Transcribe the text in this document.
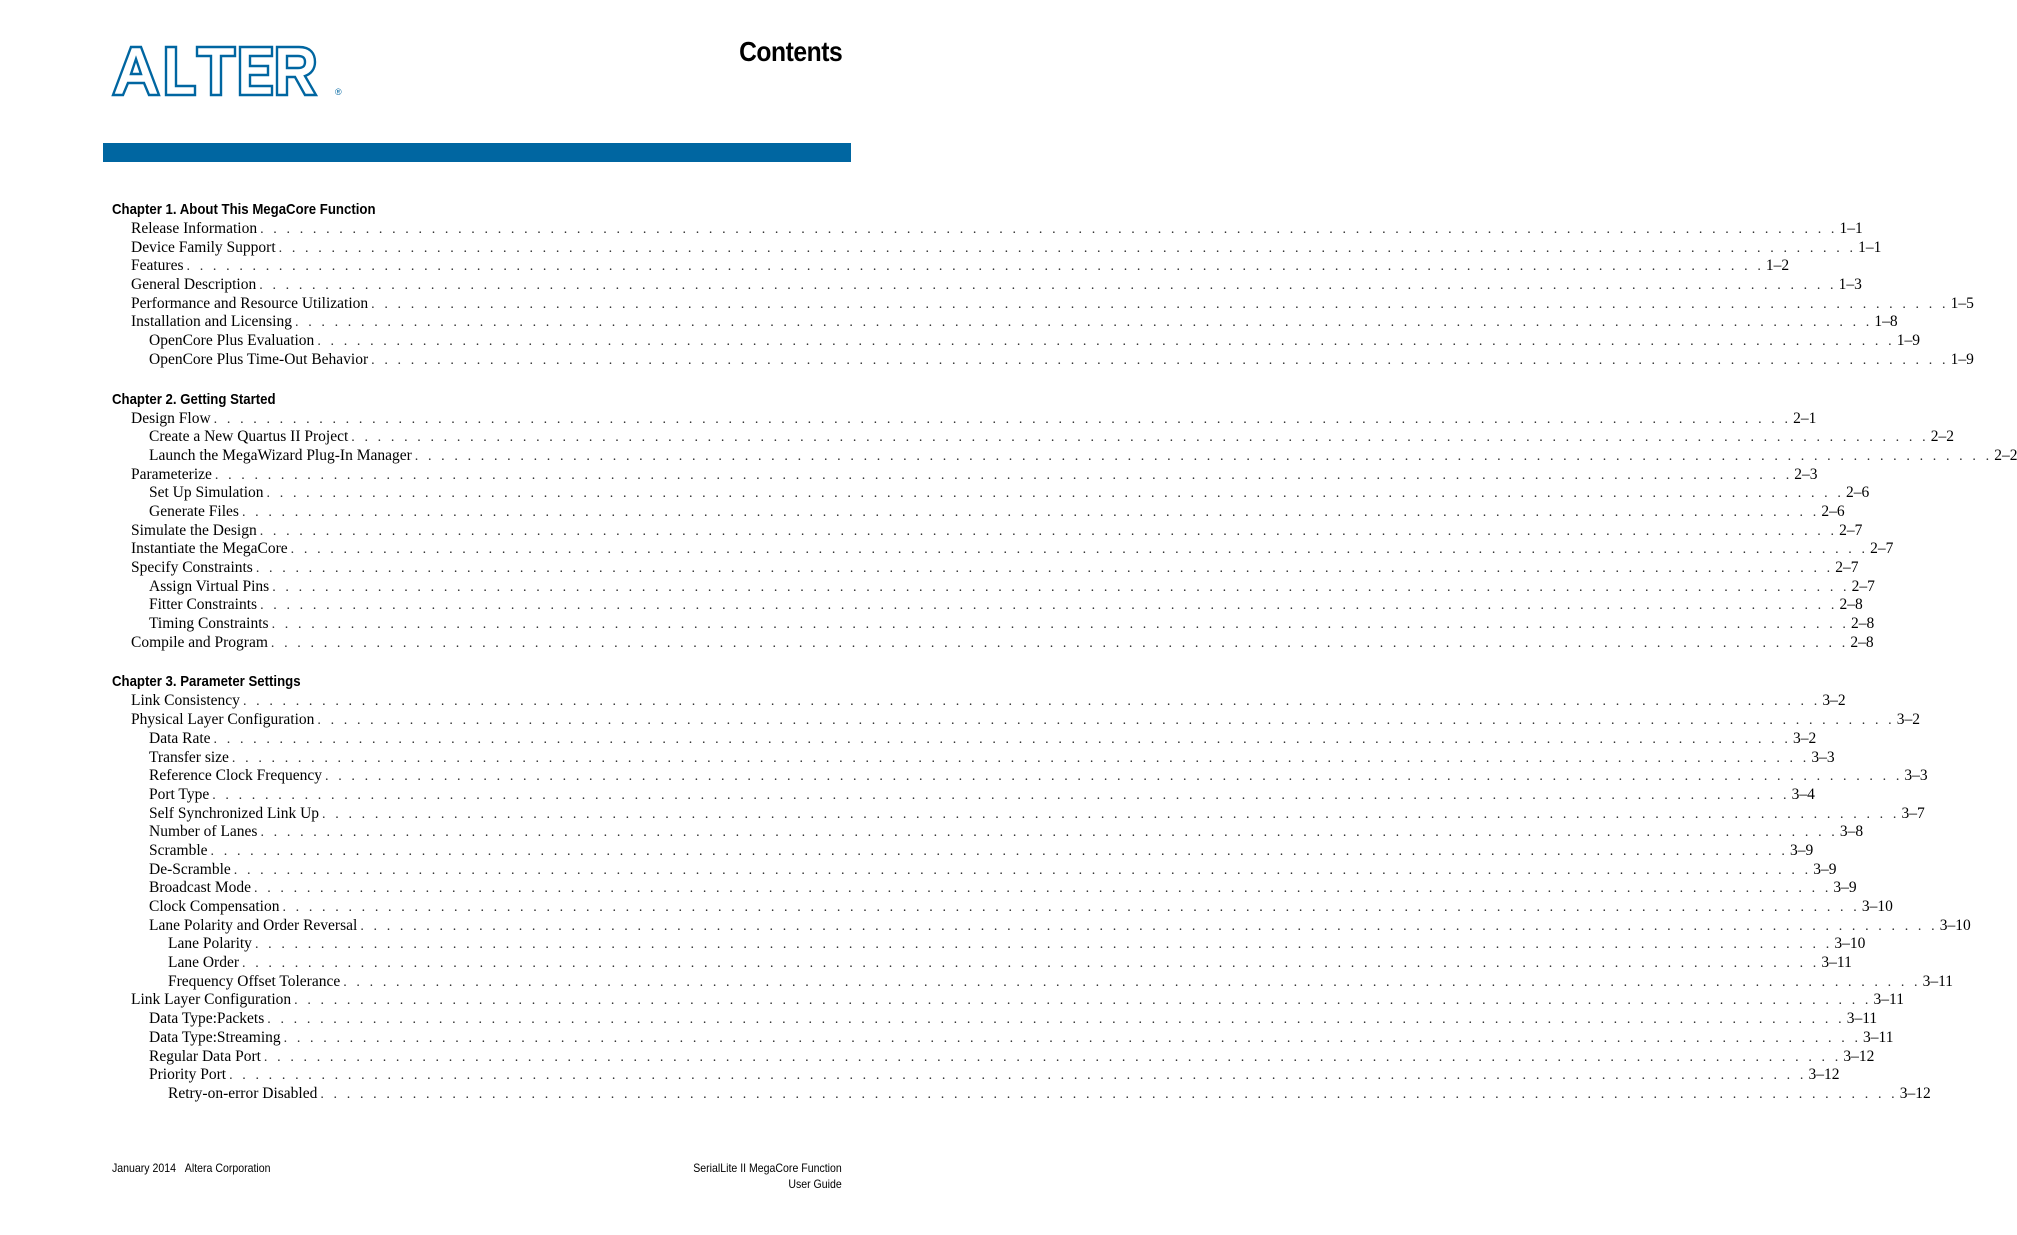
®
Contents
Chapter 1. About This MegaCore Function
Release Information . . . . . . . . . . . . . . . . . . . . . . . . . . . . . . . . . . . . . . . . . . . . . . . . . . . . . . . . . . . . . . . . . . . . . . . . . . . . . . . . . . . . . . . . . . . . . . . . . . . . . . . . . . . . . . . . . . . . . . . . 1–1
Device Family Support . . . . . . . . . . . . . . . . . . . . . . . . . . . . . . . . . . . . . . . . . . . . . . . . . . . . . . . . . . . . . . . . . . . . . . . . . . . . . . . . . . . . . . . . . . . . . . . . . . . . . . . . . . . . . . . . . . . . . . . . 1–1
Features . . . . . . . . . . . . . . . . . . . . . . . . . . . . . . . . . . . . . . . . . . . . . . . . . . . . . . . . . . . . . . . . . . . . . . . . . . . . . . . . . . . . . . . . . . . . . . . . . . . . . . . . . . . . . . . . . . . . . . . . 1–2
General Description . . . . . . . . . . . . . . . . . . . . . . . . . . . . . . . . . . . . . . . . . . . . . . . . . . . . . . . . . . . . . . . . . . . . . . . . . . . . . . . . . . . . . . . . . . . . . . . . . . . . . . . . . . . . . . . . . . . . . . . . 1–3
Performance and Resource Utilization . . . . . . . . . . . . . . . . . . . . . . . . . . . . . . . . . . . . . . . . . . . . . . . . . . . . . . . . . . . . . . . . . . . . . . . . . . . . . . . . . . . . . . . . . . . . . . . . . . . . . . . . . . . . . . . . . . . . . . . . 1–5
Installation and Licensing . . . . . . . . . . . . . . . . . . . . . . . . . . . . . . . . . . . . . . . . . . . . . . . . . . . . . . . . . . . . . . . . . . . . . . . . . . . . . . . . . . . . . . . . . . . . . . . . . . . . . . . . . . . . . . . . . . . . . . . . 1–8
OpenCore Plus Evaluation . . . . . . . . . . . . . . . . . . . . . . . . . . . . . . . . . . . . . . . . . . . . . . . . . . . . . . . . . . . . . . . . . . . . . . . . . . . . . . . . . . . . . . . . . . . . . . . . . . . . . . . . . . . . . . . . . . . . . . . . 1–9
OpenCore Plus Time-Out Behavior . . . . . . . . . . . . . . . . . . . . . . . . . . . . . . . . . . . . . . . . . . . . . . . . . . . . . . . . . . . . . . . . . . . . . . . . . . . . . . . . . . . . . . . . . . . . . . . . . . . . . . . . . . . . . . . . . . . . . . . . 1–9
Chapter 2. Getting Started
Design Flow . . . . . . . . . . . . . . . . . . . . . . . . . . . . . . . . . . . . . . . . . . . . . . . . . . . . . . . . . . . . . . . . . . . . . . . . . . . . . . . . . . . . . . . . . . . . . . . . . . . . . . . . . . . . . . . . . . . . . . . . 2–1
Create a New Quartus II Project . . . . . . . . . . . . . . . . . . . . . . . . . . . . . . . . . . . . . . . . . . . . . . . . . . . . . . . . . . . . . . . . . . . . . . . . . . . . . . . . . . . . . . . . . . . . . . . . . . . . . . . . . . . . . . . . . . . . . . . . 2–2
Launch the MegaWizard Plug-In Manager . . . . . . . . . . . . . . . . . . . . . . . . . . . . . . . . . . . . . . . . . . . . . . . . . . . . . . . . . . . . . . . . . . . . . . . . . . . . . . . . . . . . . . . . . . . . . . . . . . . . . . . . . . . . . . . . . . . . . . . . 2–2
Parameterize . . . . . . . . . . . . . . . . . . . . . . . . . . . . . . . . . . . . . . . . . . . . . . . . . . . . . . . . . . . . . . . . . . . . . . . . . . . . . . . . . . . . . . . . . . . . . . . . . . . . . . . . . . . . . . . . . . . . . . . . 2–3
Set Up Simulation . . . . . . . . . . . . . . . . . . . . . . . . . . . . . . . . . . . . . . . . . . . . . . . . . . . . . . . . . . . . . . . . . . . . . . . . . . . . . . . . . . . . . . . . . . . . . . . . . . . . . . . . . . . . . . . . . . . . . . . . 2–6
Generate Files . . . . . . . . . . . . . . . . . . . . . . . . . . . . . . . . . . . . . . . . . . . . . . . . . . . . . . . . . . . . . . . . . . . . . . . . . . . . . . . . . . . . . . . . . . . . . . . . . . . . . . . . . . . . . . . . . . . . . . . . 2–6
Simulate the Design . . . . . . . . . . . . . . . . . . . . . . . . . . . . . . . . . . . . . . . . . . . . . . . . . . . . . . . . . . . . . . . . . . . . . . . . . . . . . . . . . . . . . . . . . . . . . . . . . . . . . . . . . . . . . . . . . . . . . . . . 2–7
Instantiate the MegaCore . . . . . . . . . . . . . . . . . . . . . . . . . . . . . . . . . . . . . . . . . . . . . . . . . . . . . . . . . . . . . . . . . . . . . . . . . . . . . . . . . . . . . . . . . . . . . . . . . . . . . . . . . . . . . . . . . . . . . . . . 2–7
Specify Constraints . . . . . . . . . . . . . . . . . . . . . . . . . . . . . . . . . . . . . . . . . . . . . . . . . . . . . . . . . . . . . . . . . . . . . . . . . . . . . . . . . . . . . . . . . . . . . . . . . . . . . . . . . . . . . . . . . . . . . . . . 2–7
Assign Virtual Pins . . . . . . . . . . . . . . . . . . . . . . . . . . . . . . . . . . . . . . . . . . . . . . . . . . . . . . . . . . . . . . . . . . . . . . . . . . . . . . . . . . . . . . . . . . . . . . . . . . . . . . . . . . . . . . . . . . . . . . . . 2–7
Fitter Constraints . . . . . . . . . . . . . . . . . . . . . . . . . . . . . . . . . . . . . . . . . . . . . . . . . . . . . . . . . . . . . . . . . . . . . . . . . . . . . . . . . . . . . . . . . . . . . . . . . . . . . . . . . . . . . . . . . . . . . . . . 2–8
Timing Constraints . . . . . . . . . . . . . . . . . . . . . . . . . . . . . . . . . . . . . . . . . . . . . . . . . . . . . . . . . . . . . . . . . . . . . . . . . . . . . . . . . . . . . . . . . . . . . . . . . . . . . . . . . . . . . . . . . . . . . . . . 2–8
Compile and Program . . . . . . . . . . . . . . . . . . . . . . . . . . . . . . . . . . . . . . . . . . . . . . . . . . . . . . . . . . . . . . . . . . . . . . . . . . . . . . . . . . . . . . . . . . . . . . . . . . . . . . . . . . . . . . . . . . . . . . . . 2–8
Chapter 3. Parameter Settings
Link Consistency . . . . . . . . . . . . . . . . . . . . . . . . . . . . . . . . . . . . . . . . . . . . . . . . . . . . . . . . . . . . . . . . . . . . . . . . . . . . . . . . . . . . . . . . . . . . . . . . . . . . . . . . . . . . . . . . . . . . . . . . 3–2
Physical Layer Configuration . . . . . . . . . . . . . . . . . . . . . . . . . . . . . . . . . . . . . . . . . . . . . . . . . . . . . . . . . . . . . . . . . . . . . . . . . . . . . . . . . . . . . . . . . . . . . . . . . . . . . . . . . . . . . . . . . . . . . . . . 3–2
Data Rate . . . . . . . . . . . . . . . . . . . . . . . . . . . . . . . . . . . . . . . . . . . . . . . . . . . . . . . . . . . . . . . . . . . . . . . . . . . . . . . . . . . . . . . . . . . . . . . . . . . . . . . . . . . . . . . . . . . . . . . . 3–2
Transfer size . . . . . . . . . . . . . . . . . . . . . . . . . . . . . . . . . . . . . . . . . . . . . . . . . . . . . . . . . . . . . . . . . . . . . . . . . . . . . . . . . . . . . . . . . . . . . . . . . . . . . . . . . . . . . . . . . . . . . . . . 3–3
Reference Clock Frequency . . . . . . . . . . . . . . . . . . . . . . . . . . . . . . . . . . . . . . . . . . . . . . . . . . . . . . . . . . . . . . . . . . . . . . . . . . . . . . . . . . . . . . . . . . . . . . . . . . . . . . . . . . . . . . . . . . . . . . . . 3–3
Port Type . . . . . . . . . . . . . . . . . . . . . . . . . . . . . . . . . . . . . . . . . . . . . . . . . . . . . . . . . . . . . . . . . . . . . . . . . . . . . . . . . . . . . . . . . . . . . . . . . . . . . . . . . . . . . . . . . . . . . . . . 3–4
Self Synchronized Link Up . . . . . . . . . . . . . . . . . . . . . . . . . . . . . . . . . . . . . . . . . . . . . . . . . . . . . . . . . . . . . . . . . . . . . . . . . . . . . . . . . . . . . . . . . . . . . . . . . . . . . . . . . . . . . . . . . . . . . . . . 3–7
Number of Lanes . . . . . . . . . . . . . . . . . . . . . . . . . . . . . . . . . . . . . . . . . . . . . . . . . . . . . . . . . . . . . . . . . . . . . . . . . . . . . . . . . . . . . . . . . . . . . . . . . . . . . . . . . . . . . . . . . . . . . . . . 3–8
Scramble . . . . . . . . . . . . . . . . . . . . . . . . . . . . . . . . . . . . . . . . . . . . . . . . . . . . . . . . . . . . . . . . . . . . . . . . . . . . . . . . . . . . . . . . . . . . . . . . . . . . . . . . . . . . . . . . . . . . . . . . 3–9
De-Scramble . . . . . . . . . . . . . . . . . . . . . . . . . . . . . . . . . . . . . . . . . . . . . . . . . . . . . . . . . . . . . . . . . . . . . . . . . . . . . . . . . . . . . . . . . . . . . . . . . . . . . . . . . . . . . . . . . . . . . . . . 3–9
Broadcast Mode . . . . . . . . . . . . . . . . . . . . . . . . . . . . . . . . . . . . . . . . . . . . . . . . . . . . . . . . . . . . . . . . . . . . . . . . . . . . . . . . . . . . . . . . . . . . . . . . . . . . . . . . . . . . . . . . . . . . . . . . 3–9
Clock Compensation . . . . . . . . . . . . . . . . . . . . . . . . . . . . . . . . . . . . . . . . . . . . . . . . . . . . . . . . . . . . . . . . . . . . . . . . . . . . . . . . . . . . . . . . . . . . . . . . . . . . . . . . . . . . . . . . . . . . . . . . 3–10
Lane Polarity and Order Reversal . . . . . . . . . . . . . . . . . . . . . . . . . . . . . . . . . . . . . . . . . . . . . . . . . . . . . . . . . . . . . . . . . . . . . . . . . . . . . . . . . . . . . . . . . . . . . . . . . . . . . . . . . . . . . . . . . . . . . . . . 3–10
Lane Polarity . . . . . . . . . . . . . . . . . . . . . . . . . . . . . . . . . . . . . . . . . . . . . . . . . . . . . . . . . . . . . . . . . . . . . . . . . . . . . . . . . . . . . . . . . . . . . . . . . . . . . . . . . . . . . . . . . . . . . . . . 3–10
Lane Order . . . . . . . . . . . . . . . . . . . . . . . . . . . . . . . . . . . . . . . . . . . . . . . . . . . . . . . . . . . . . . . . . . . . . . . . . . . . . . . . . . . . . . . . . . . . . . . . . . . . . . . . . . . . . . . . . . . . . . . . 3–11
Frequency Offset Tolerance . . . . . . . . . . . . . . . . . . . . . . . . . . . . . . . . . . . . . . . . . . . . . . . . . . . . . . . . . . . . . . . . . . . . . . . . . . . . . . . . . . . . . . . . . . . . . . . . . . . . . . . . . . . . . . . . . . . . . . . . 3–11
Link Layer Configuration . . . . . . . . . . . . . . . . . . . . . . . . . . . . . . . . . . . . . . . . . . . . . . . . . . . . . . . . . . . . . . . . . . . . . . . . . . . . . . . . . . . . . . . . . . . . . . . . . . . . . . . . . . . . . . . . . . . . . . . . 3–11
Data Type:Packets . . . . . . . . . . . . . . . . . . . . . . . . . . . . . . . . . . . . . . . . . . . . . . . . . . . . . . . . . . . . . . . . . . . . . . . . . . . . . . . . . . . . . . . . . . . . . . . . . . . . . . . . . . . . . . . . . . . . . . . . 3–11
Data Type:Streaming . . . . . . . . . . . . . . . . . . . . . . . . . . . . . . . . . . . . . . . . . . . . . . . . . . . . . . . . . . . . . . . . . . . . . . . . . . . . . . . . . . . . . . . . . . . . . . . . . . . . . . . . . . . . . . . . . . . . . . . . 3–11
Regular Data Port . . . . . . . . . . . . . . . . . . . . . . . . . . . . . . . . . . . . . . . . . . . . . . . . . . . . . . . . . . . . . . . . . . . . . . . . . . . . . . . . . . . . . . . . . . . . . . . . . . . . . . . . . . . . . . . . . . . . . . . . 3–12
Priority Port . . . . . . . . . . . . . . . . . . . . . . . . . . . . . . . . . . . . . . . . . . . . . . . . . . . . . . . . . . . . . . . . . . . . . . . . . . . . . . . . . . . . . . . . . . . . . . . . . . . . . . . . . . . . . . . . . . . . . . . . 3–12
Retry-on-error Disabled . . . . . . . . . . . . . . . . . . . . . . . . . . . . . . . . . . . . . . . . . . . . . . . . . . . . . . . . . . . . . . . . . . . . . . . . . . . . . . . . . . . . . . . . . . . . . . . . . . . . . . . . . . . . . . . . . . . . . . . . 3–12
January 2014 Altera Corporation	SerialLite II MegaCore Function
User Guide
